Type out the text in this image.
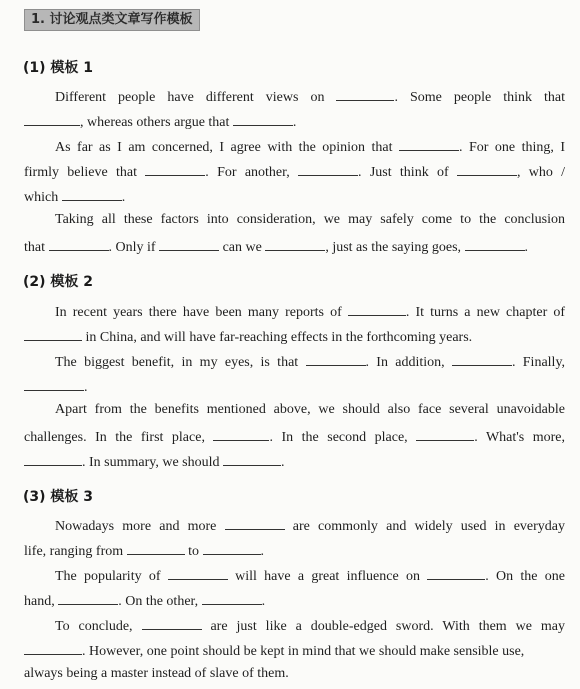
1. 讨论观点类文章写作模板
(1) 模板 1

Different people have different views on	. Some people think that

, whereas others argue that	.

As far as I am concerned, I agree with the opinion that	. For one thing, I

firmly believe that	. For another,	. Just think of	, who /

which	.

Taking all these factors into consideration, we may safely come to the conclusion

that	. Only if	can we	, just as the saying goes,	.

(2) 模板 2

In recent years there have been many reports of	. It turns a new chapter of

in China, and will have far-reaching effects in the forthcoming years.

The biggest benefit, in my eyes, is that	. In addition,	. Finally,

.

Apart from the benefits mentioned above, we should also face several unavoidable

challenges. In the first place,	. In the second place,	. What's more,

. In summary, we should	.

(3) 模板 3

Nowadays more and more	are commonly and widely used in everyday

life, ranging from	to	.

The popularity of	will have a great influence on	. On the one

hand,	. On the other,	.

To conclude,	are just like a double-edged sword. With them we may

. However, one point should be kept in mind that we should make sensible use,

always being a master instead of slave of them.
